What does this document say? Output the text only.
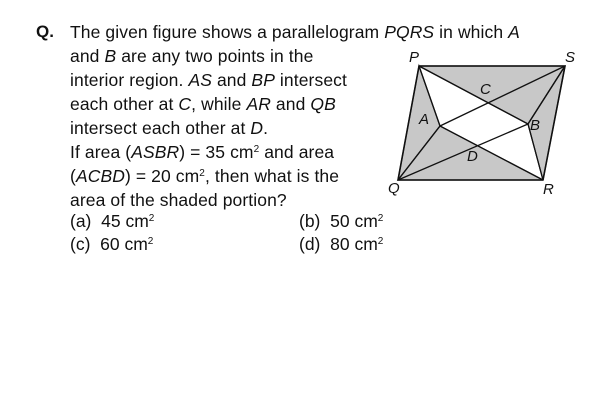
Q. The given figure shows a parallelogram PQRS in which A
and B are any two points in the
interior region. AS and BP intersect
each other at C, while AR and QB
intersect each other at D.
If area (ASBR) = 35 $cm^2$ and area
(ACBD) = 20 $cm^2$, then what is the
area of the shaded portion?
(a) 45 $cm^2$	(b) 50 $cm^2$
(c) 60 $cm^2$	(d) 80 $cm^2$
P	S
Q	R
A	B
C
D
